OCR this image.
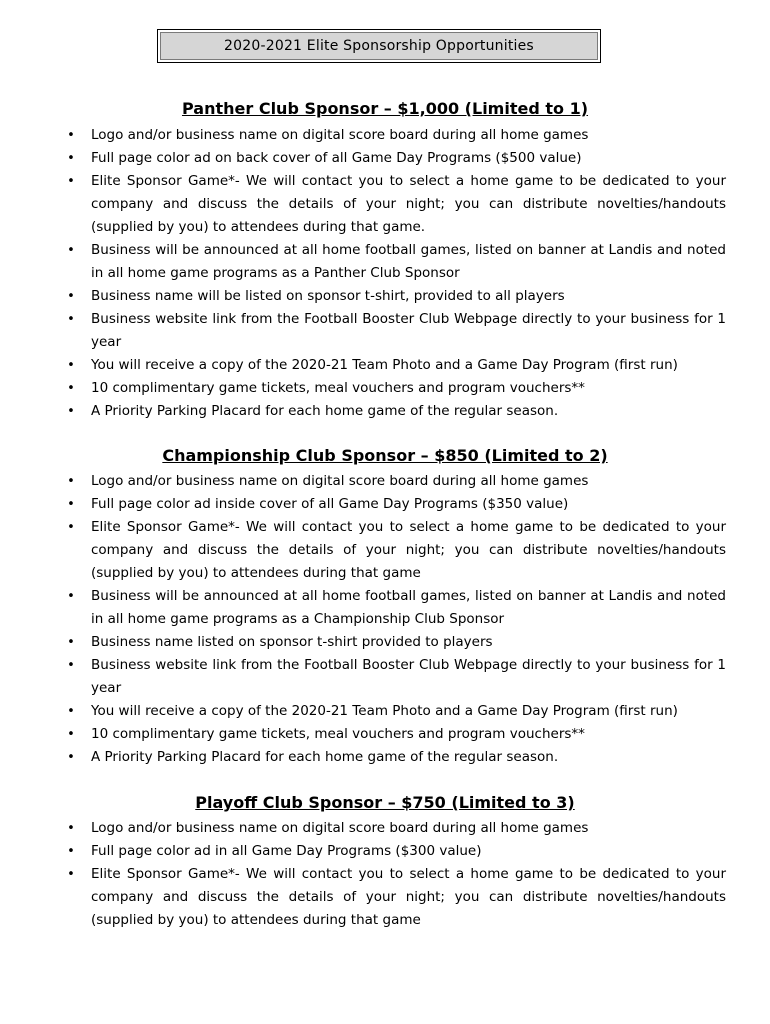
2020-2021 Elite Sponsorship Opportunities
Panther Club Sponsor – $1,000 (Limited to 1)
• Logo and/or business name on digital score board during all home games
• Full page color ad on back cover of all Game Day Programs ($500 value)
• Elite Sponsor Game*- We will contact you to select a home game to be dedicated to your company and discuss the details of your night; you can distribute novelties/handouts (supplied by you) to attendees during that game.
• Business will be announced at all home football games, listed on banner at Landis and noted in all home game programs as a Panther Club Sponsor
• Business name will be listed on sponsor t-shirt, provided to all players
• Business website link from the Football Booster Club Webpage directly to your business for 1 year
• You will receive a copy of the 2020-21 Team Photo and a Game Day Program (first run)
• 10 complimentary game tickets, meal vouchers and program vouchers**
• A Priority Parking Placard for each home game of the regular season.
Championship Club Sponsor – $850 (Limited to 2)
• Logo and/or business name on digital score board during all home games
• Full page color ad inside cover of all Game Day Programs ($350 value)
• Elite Sponsor Game*- We will contact you to select a home game to be dedicated to your company and discuss the details of your night; you can distribute novelties/handouts (supplied by you) to attendees during that game
• Business will be announced at all home football games, listed on banner at Landis and noted in all home game programs as a Championship Club Sponsor
• Business name listed on sponsor t-shirt provided to players
• Business website link from the Football Booster Club Webpage directly to your business for 1 year
• You will receive a copy of the 2020-21 Team Photo and a Game Day Program (first run)
• 10 complimentary game tickets, meal vouchers and program vouchers**
• A Priority Parking Placard for each home game of the regular season.
Playoff Club Sponsor – $750 (Limited to 3)
• Logo and/or business name on digital score board during all home games
• Full page color ad in all Game Day Programs ($300 value)
• Elite Sponsor Game*- We will contact you to select a home game to be dedicated to your company and discuss the details of your night; you can distribute novelties/handouts (supplied by you) to attendees during that game
